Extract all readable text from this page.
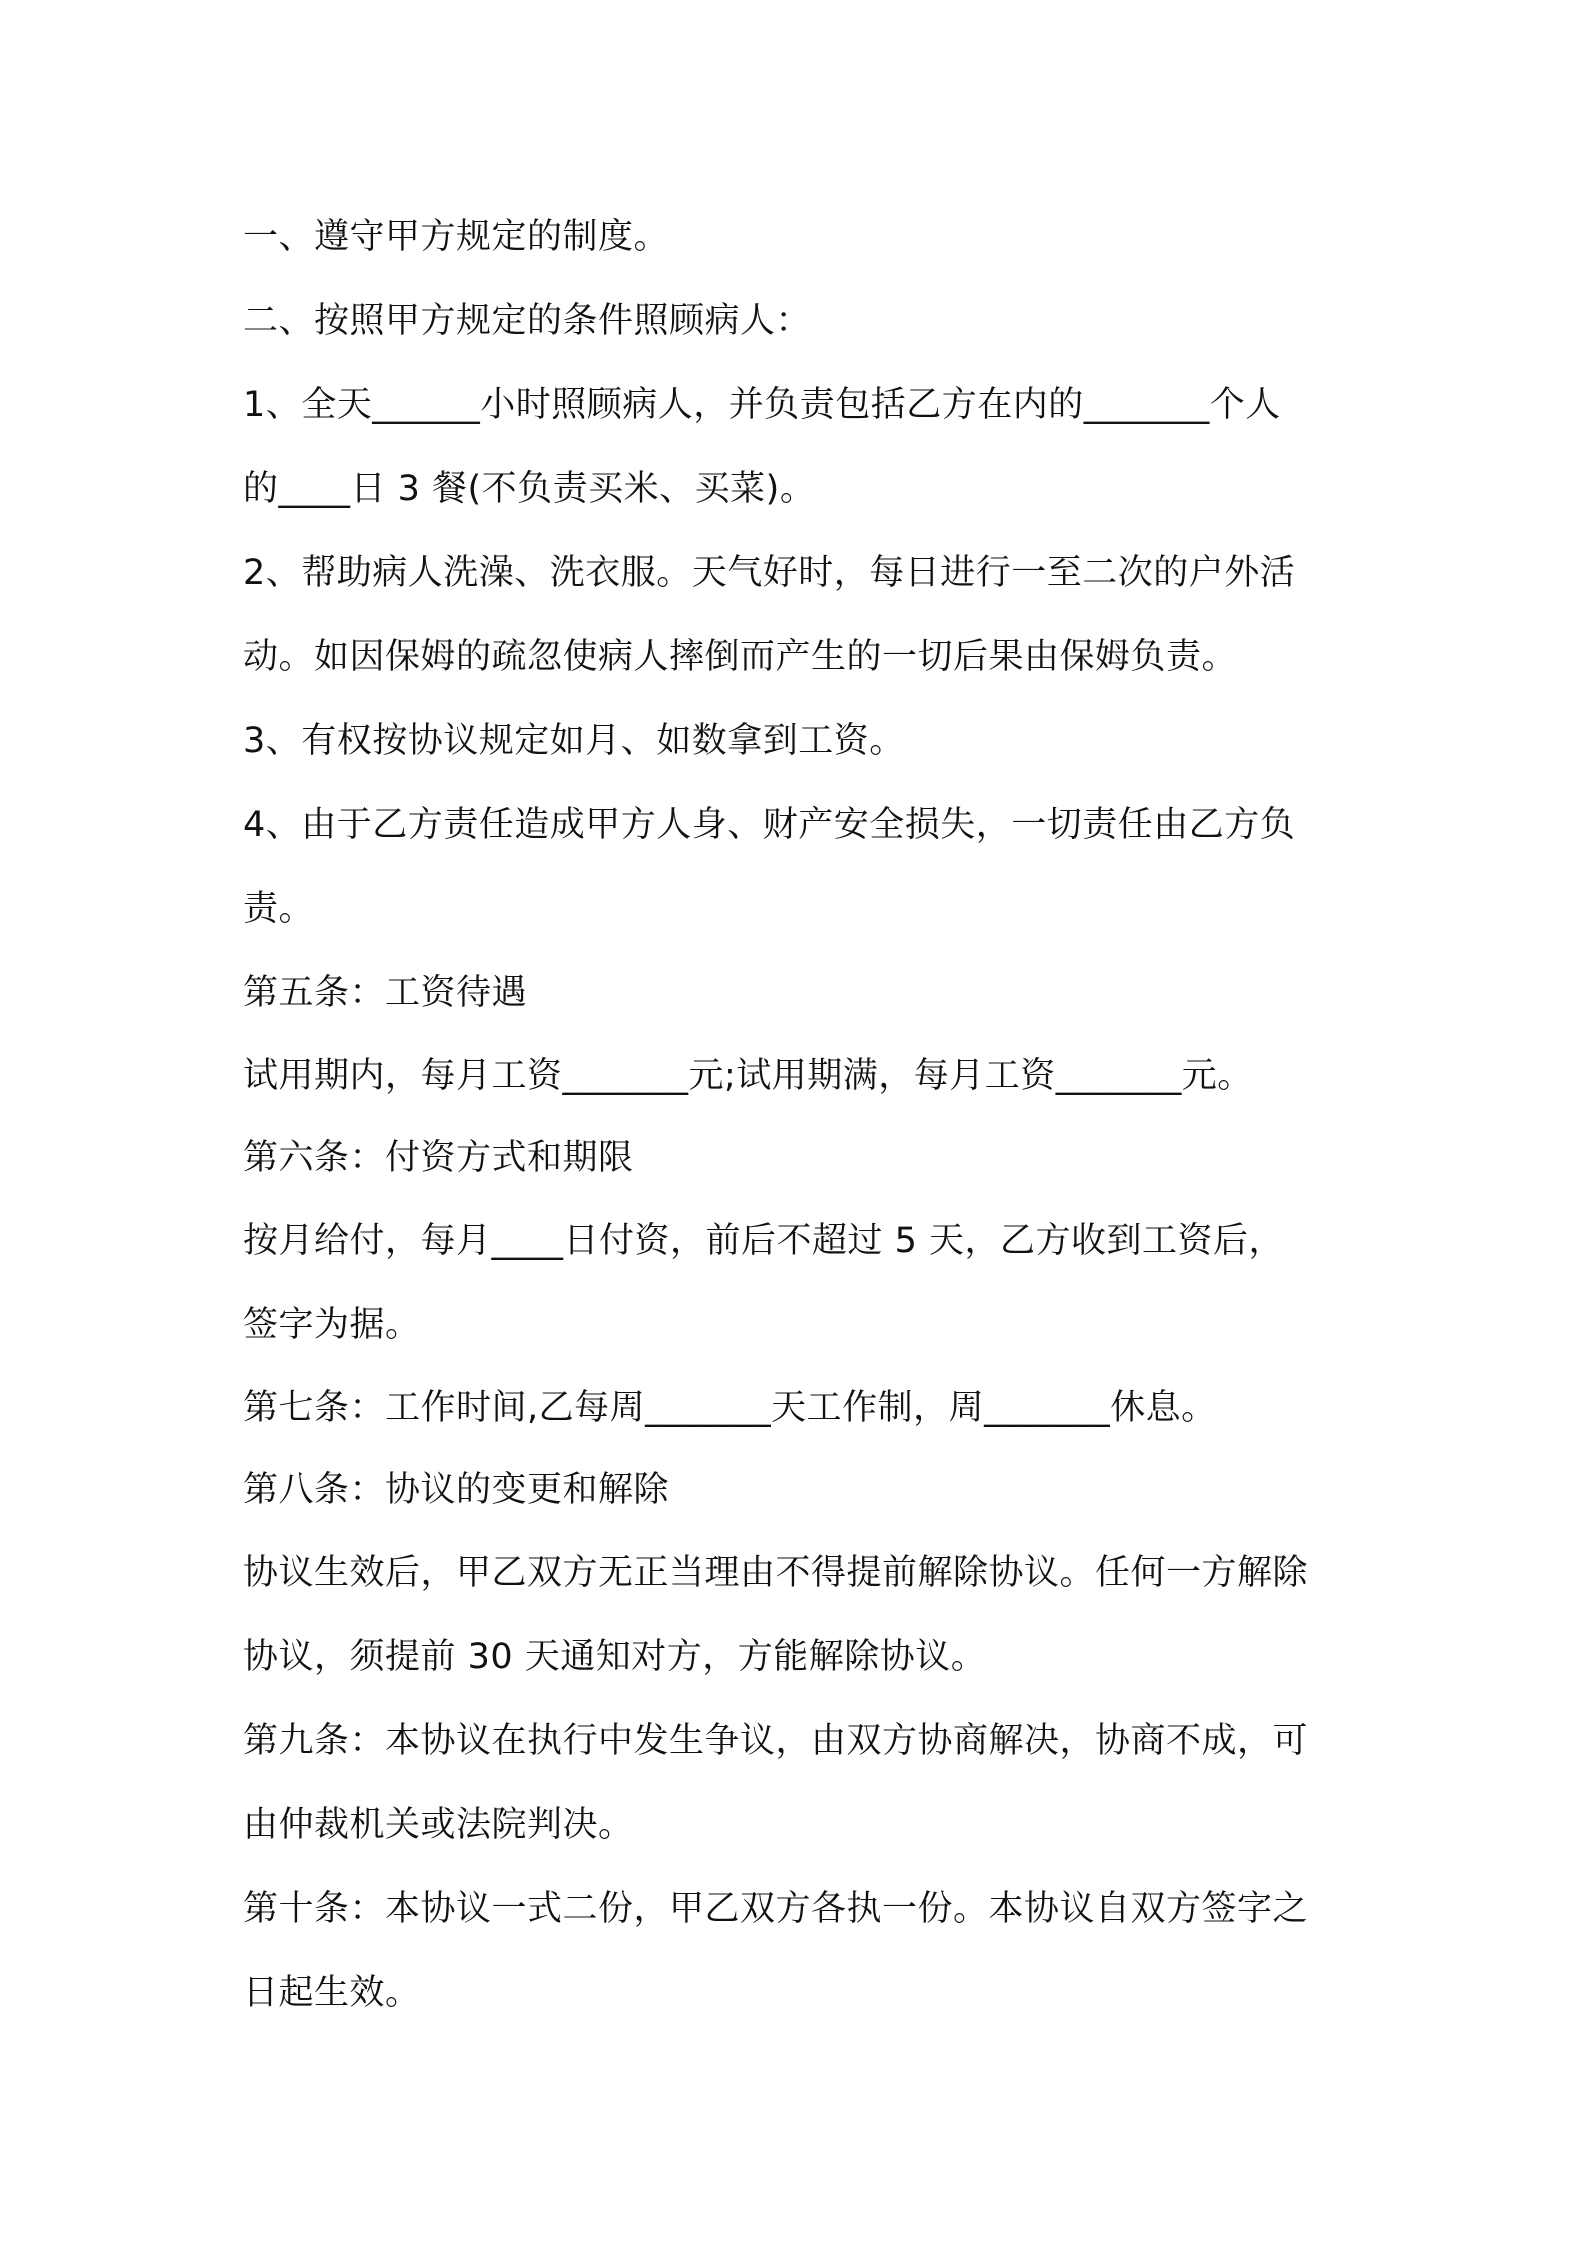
一、遵守甲方规定的制度。
二、按照甲方规定的条件照顾病人：
1、全天______小时照顾病人，并负责包括乙方在内的_______个人
的____日 3 餐(不负责买米、买菜)。
2、帮助病人洗澡、洗衣服。天气好时，每日进行一至二次的户外活
动。如因保姆的疏忽使病人摔倒而产生的一切后果由保姆负责。
3、有权按协议规定如月、如数拿到工资。
4、由于乙方责任造成甲方人身、财产安全损失，一切责任由乙方负
责。
第五条：工资待遇
试用期内，每月工资_______元;试用期满，每月工资_______元。
第六条：付资方式和期限
按月给付，每月____日付资，前后不超过 5 天，乙方收到工资后，
签字为据。
第七条：工作时间,乙每周_______天工作制，周_______休息。
第八条：协议的变更和解除
协议生效后，甲乙双方无正当理由不得提前解除协议。任何一方解除
协议，须提前 30 天通知对方，方能解除协议。
第九条：本协议在执行中发生争议，由双方协商解决，协商不成，可
由仲裁机关或法院判决。
第十条：本协议一式二份，甲乙双方各执一份。本协议自双方签字之
日起生效。
